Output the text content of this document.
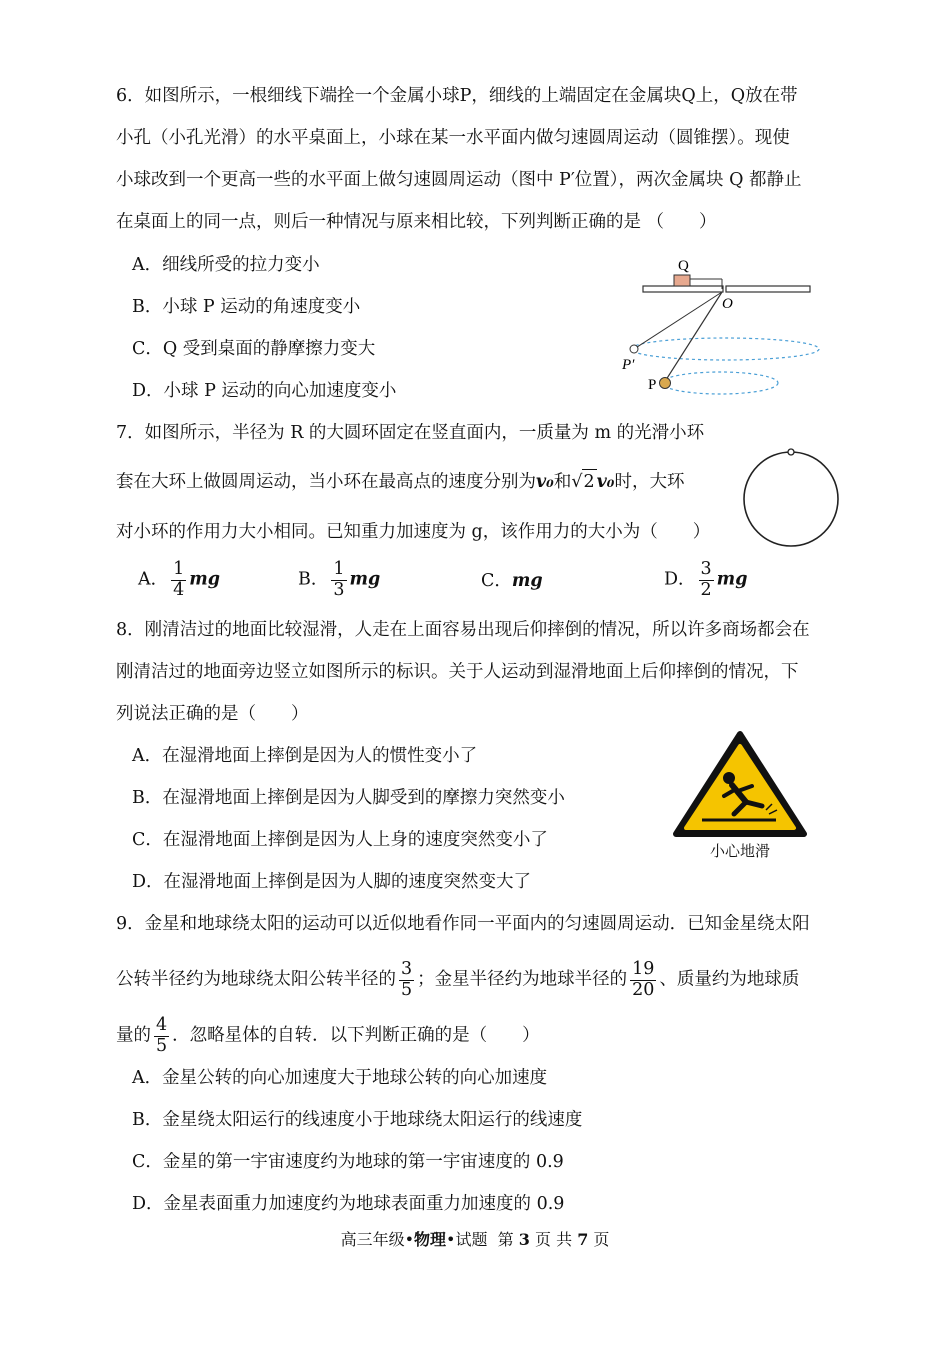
6．如图所示，一根细线下端拴一个金属小球P，细线的上端固定在金属块Q上，Q放在带
小孔（小孔光滑）的水平桌面上，小球在某一水平面内做匀速圆周运动（圆锥摆）。现使
小球改到一个更高一些的水平面上做匀速圆周运动（图中 P′位置），两次金属块 Q 都静止
在桌面上的同一点，则后一种情况与原来相比较，下列判断正确的是 （　　）
A．细线所受的拉力变小
B．小球 P 运动的角速度变小
C．Q 受到桌面的静摩擦力变大
D．小球 P 运动的向心加速度变小
Q
O
P′
P
7．如图所示，半径为 R 的大圆环固定在竖直面内，一质量为 m 的光滑小环
套在大环上做圆周运动，当小环在最高点的速度分别为v₀和√2 v₀时，大环
对小环的作用力大小相同。已知重力加速度为 g，该作用力的大小为（　　）
A． $\frac{1}{4}$ mg	B． $\frac{1}{3}$ mg	C．mg	D． $\frac{3}{2}$ mg
8．刚清洁过的地面比较湿滑，人走在上面容易出现后仰摔倒的情况，所以许多商场都会在
刚清洁过的地面旁边竖立如图所示的标识。关于人运动到湿滑地面上后仰摔倒的情况，下
列说法正确的是（　　）
A．在湿滑地面上摔倒是因为人的惯性变小了
B．在湿滑地面上摔倒是因为人脚受到的摩擦力突然变小
C．在湿滑地面上摔倒是因为人上身的速度突然变小了
D．在湿滑地面上摔倒是因为人脚的速度突然变大了
小心地滑
9．金星和地球绕太阳的运动可以近似地看作同一平面内的匀速圆周运动．已知金星绕太阳
公转半径约为地球绕太阳公转半径的 $\frac{3}{5}$ ；金星半径约为地球半径的 $\frac{19}{20}$ 、质量约为地球质
量的 $\frac{4}{5}$ ．忽略星体的自转．以下判断正确的是（　　）
A．金星公转的向心加速度大于地球公转的向心加速度
B．金星绕太阳运行的线速度小于地球绕太阳运行的线速度
C．金星的第一宇宙速度约为地球的第一宇宙速度的 0.9
D．金星表面重力加速度约为地球表面重力加速度的 0.9
高三年级•物理•试题 第 3 页 共 7 页
